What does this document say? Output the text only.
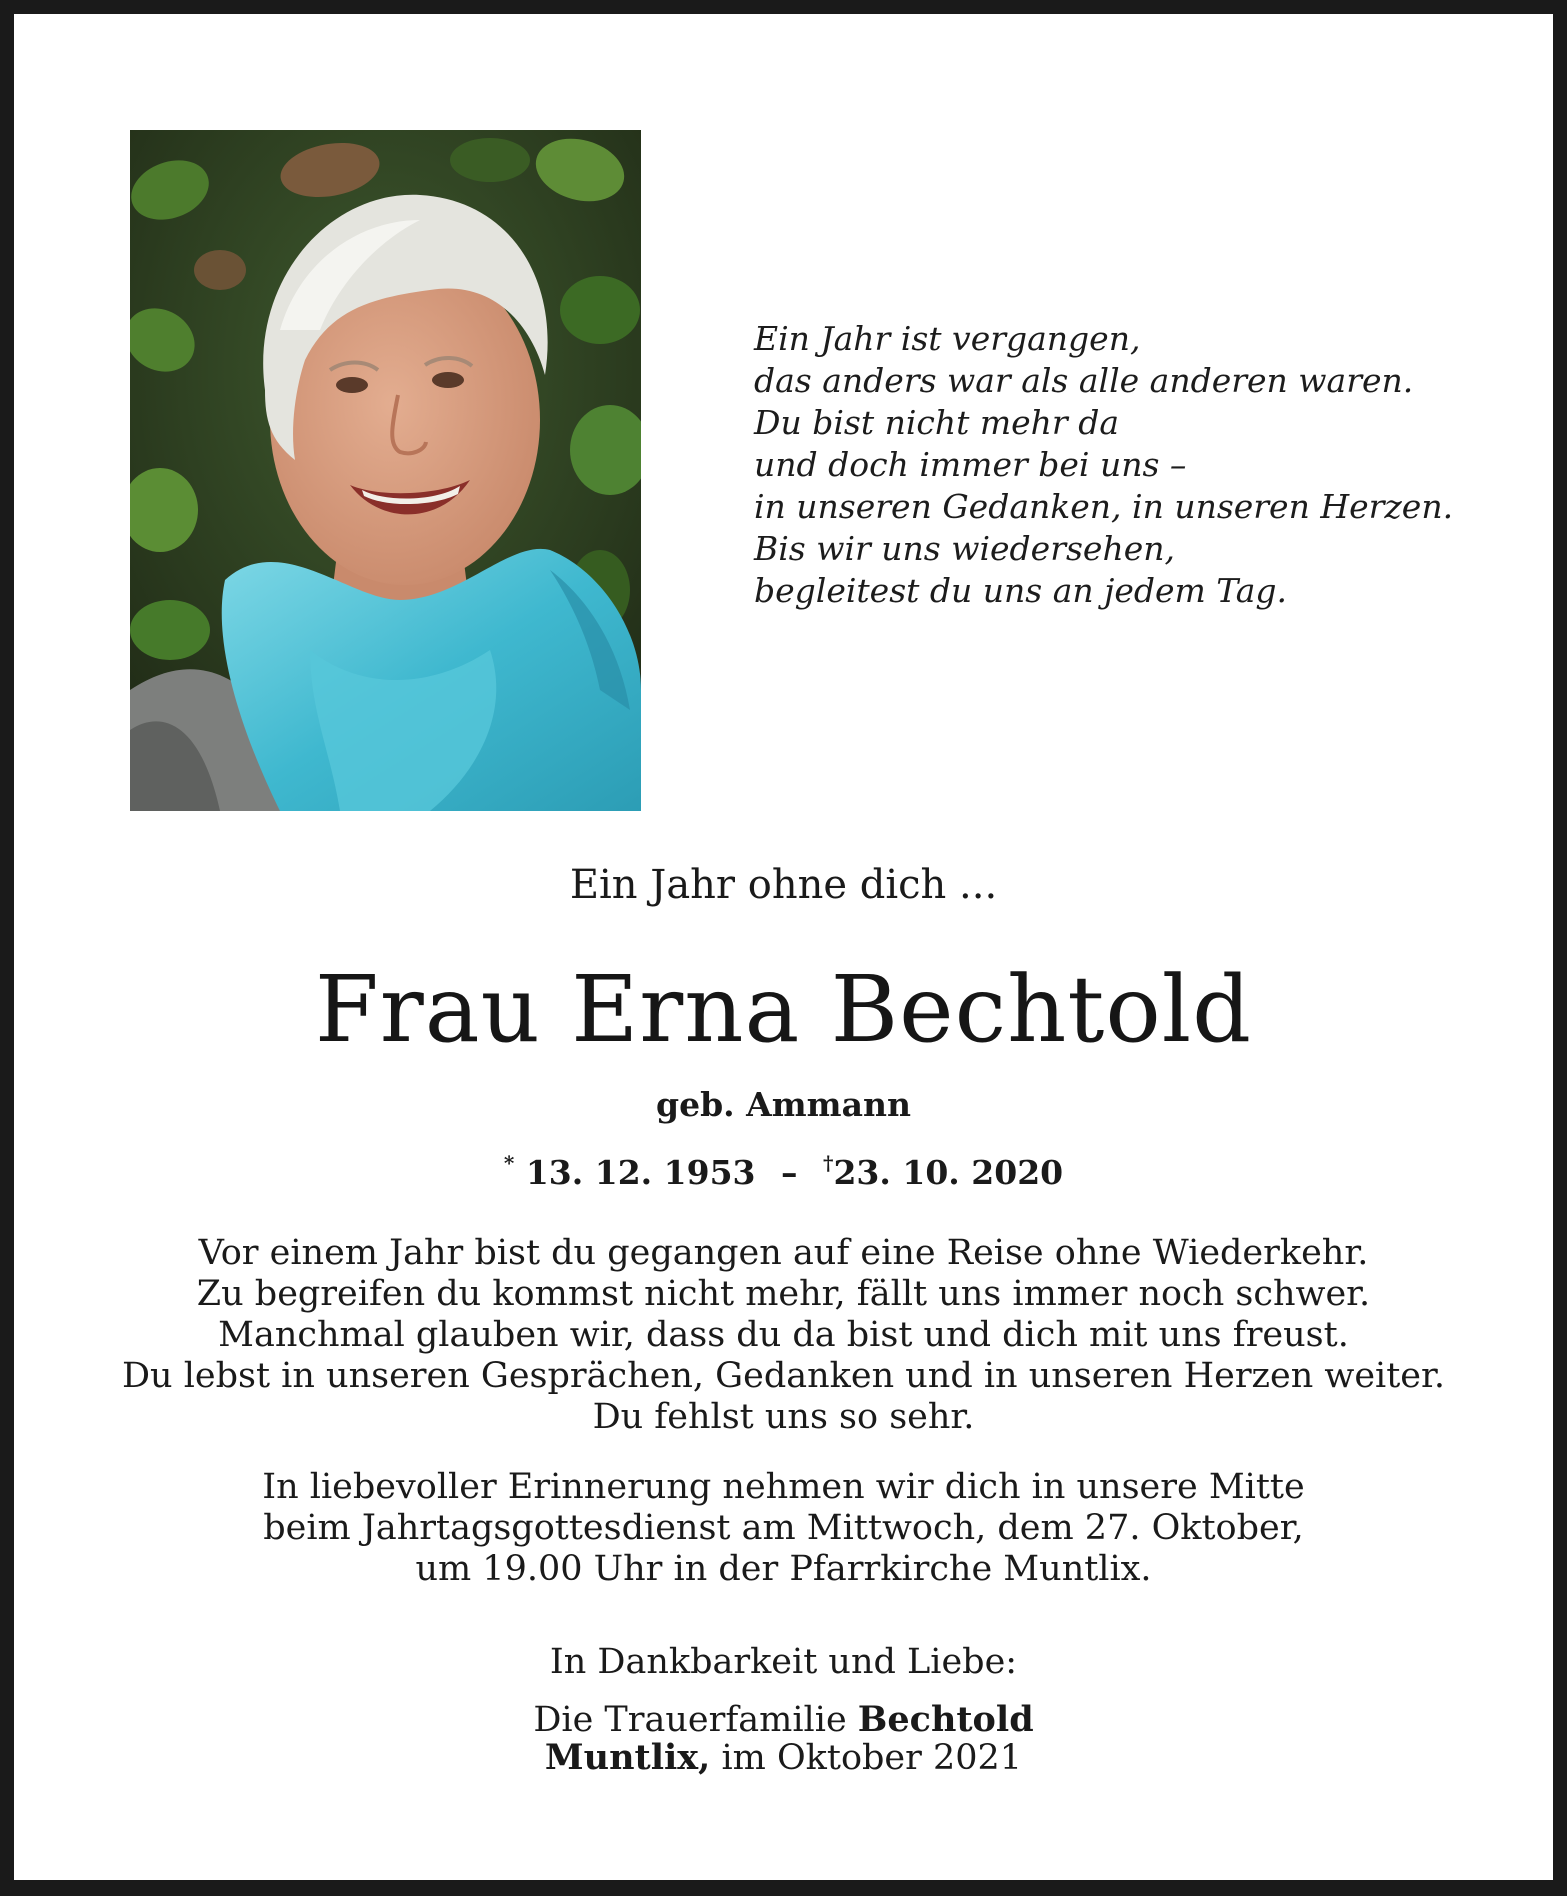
Ein Jahr ist vergangen,
das anders war als alle anderen waren.
Du bist nicht mehr da
und doch immer bei uns –
in unseren Gedanken, in unseren Herzen.
Bis wir uns wiedersehen,
begleitest du uns an jedem Tag.
Ein Jahr ohne dich ...
Frau Erna Bechtold
geb. Ammann
* 13. 12. 1953 – †23. 10. 2020
Vor einem Jahr bist du gegangen auf eine Reise ohne Wiederkehr.
Zu begreifen du kommst nicht mehr, fällt uns immer noch schwer.
Manchmal glauben wir, dass du da bist und dich mit uns freust.
Du lebst in unseren Gesprächen, Gedanken und in unseren Herzen weiter.
Du fehlst uns so sehr.
In liebevoller Erinnerung nehmen wir dich in unsere Mitte
beim Jahrtagsgottesdienst am Mittwoch, dem 27. Oktober,
um 19.00 Uhr in der Pfarrkirche Muntlix.
In Dankbarkeit und Liebe:
Die Trauerfamilie Bechtold
Muntlix, im Oktober 2021
